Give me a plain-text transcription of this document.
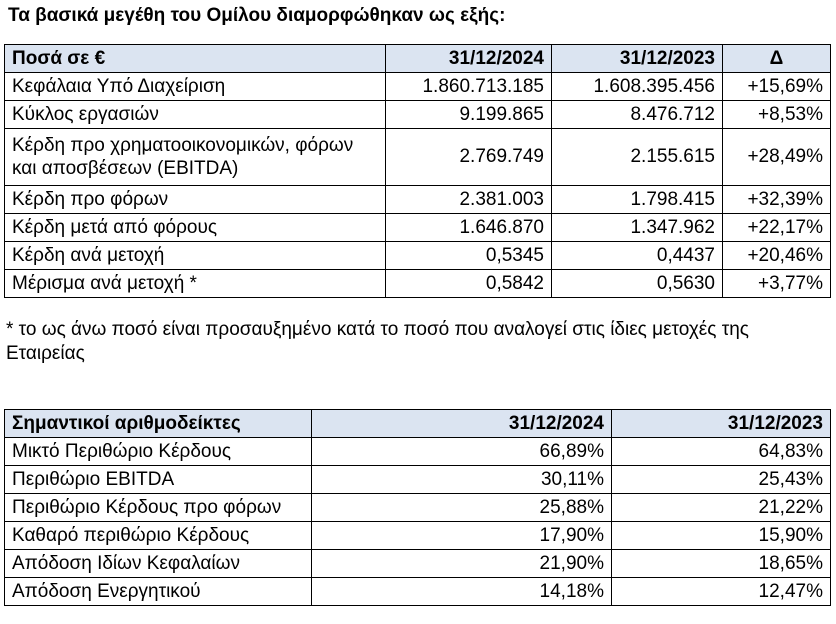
Τα βασικά μεγέθη του Ομίλου διαμορφώθηκαν ως εξής:
Ποσά σε €	31/12/2024	31/12/2023	Δ
Κεφάλαια Υπό Διαχείριση	1.860.713.185	1.608.395.456	+15,69%
Κύκλος εργασιών	9.199.865	8.476.712	+8,53%
Κέρδη προ χρηματοοικονομικών, φόρων και αποσβέσεων (EBITDA)	2.769.749	2.155.615	+28,49%
Κέρδη προ φόρων	2.381.003	1.798.415	+32,39%
Κέρδη μετά από φόρους	1.646.870	1.347.962	+22,17%
Κέρδη ανά μετοχή	0,5345	0,4437	+20,46%
Μέρισμα ανά μετοχή *	0,5842	0,5630	+3,77%
* το ως άνω ποσό είναι προσαυξημένο κατά το ποσό που αναλογεί στις ίδιες μετοχές της Εταιρείας
Σημαντικοί αριθμοδείκτες	31/12/2024	31/12/2023
Μικτό Περιθώριο Κέρδους	66,89%	64,83%
Περιθώριο EBITDA	30,11%	25,43%
Περιθώριο Κέρδους προ φόρων	25,88%	21,22%
Καθαρό περιθώριο Κέρδους	17,90%	15,90%
Απόδοση Ιδίων Κεφαλαίων	21,90%	18,65%
Απόδοση Ενεργητικού	14,18%	12,47%
